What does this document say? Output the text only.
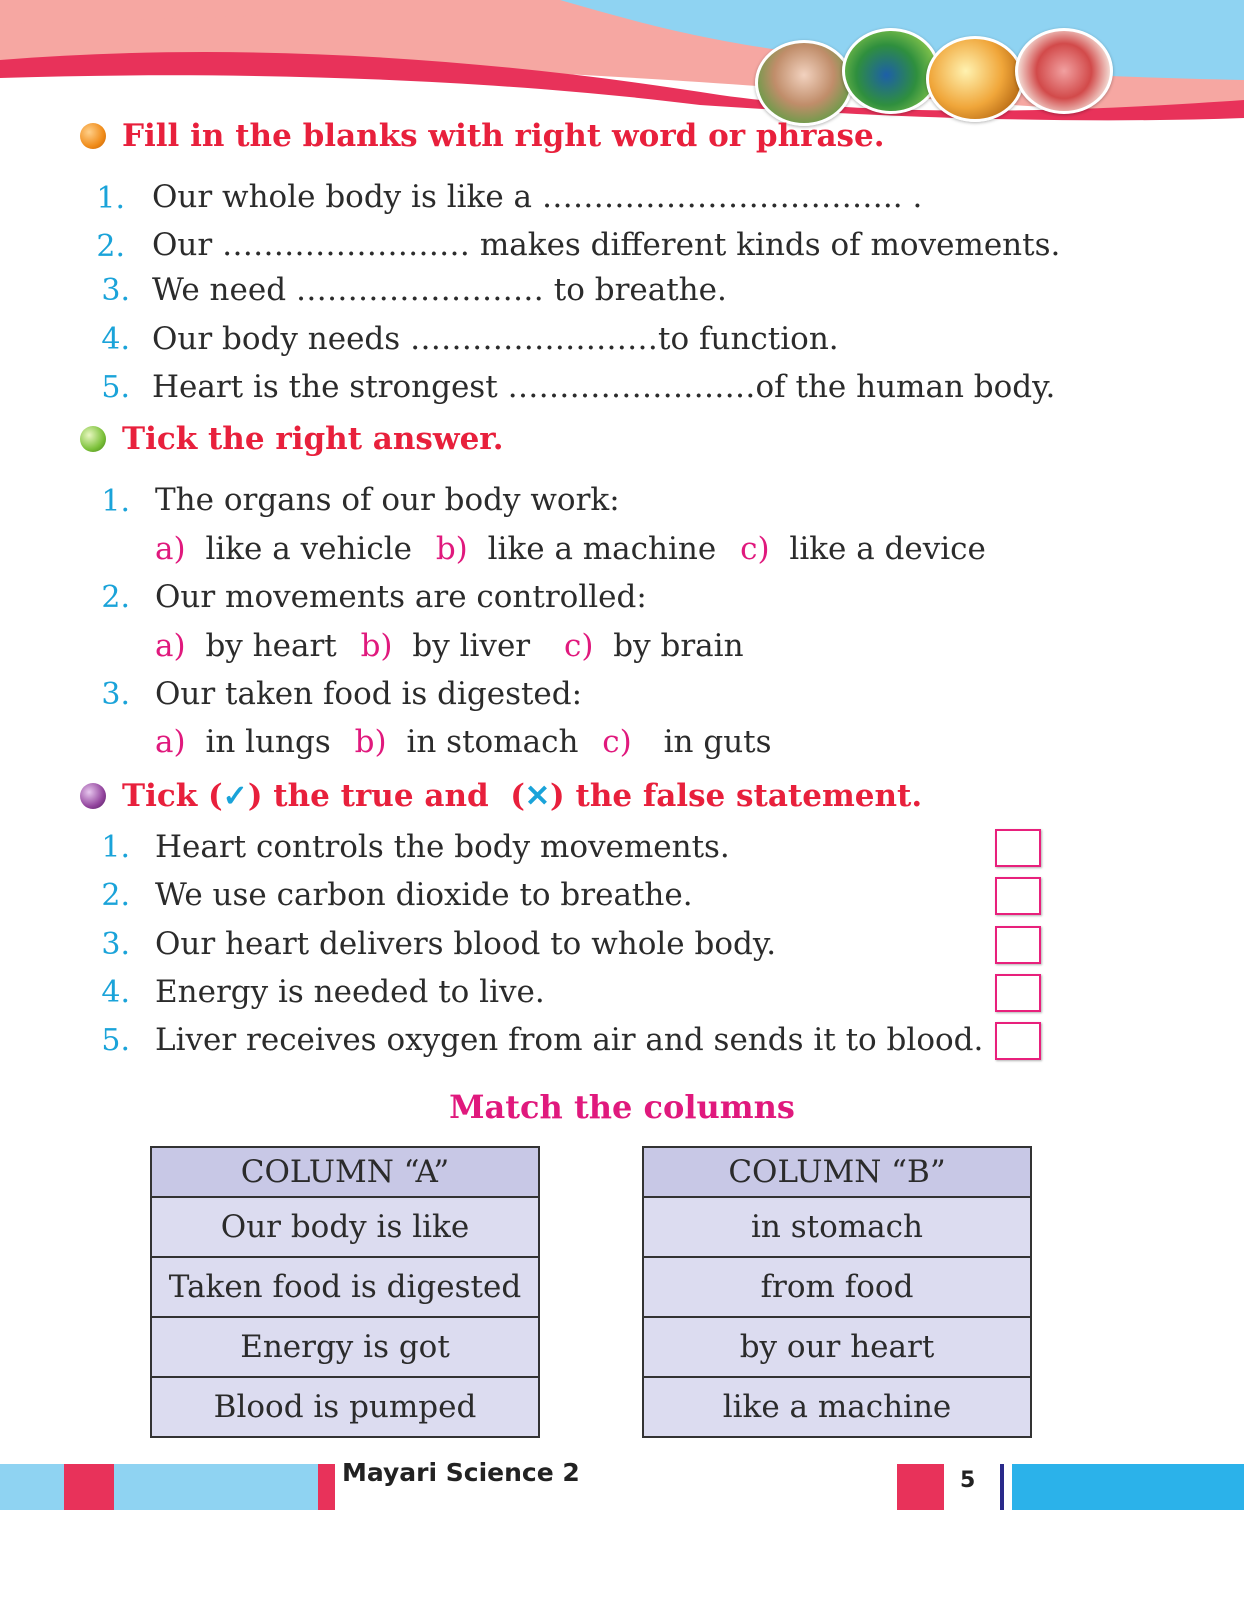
Fill in the blanks with right word or phrase.
1. Our whole body is like a …………………………….. .
2. Our …………………… makes different kinds of movements.
3. We need …………………… to breathe.
4. Our body needs ……………………to function.
5. Heart is the strongest ……………………of the human body.
Tick the right answer.
1. The organs of our body work:
a) like a vehicle b) like a machine c) like a device
2. Our movements are controlled:
a) by heart b) by liver c) by brain
3. Our taken food is digested:
a) in lungs b) in stomach c) in guts
Tick ( ✓ ) the true and  ( ✕ ) the false statement.
1. Heart controls the body movements.
2. We use carbon dioxide to breathe.
3. Our heart delivers blood to whole body.
4. Energy is needed to live.
5. Liver receives oxygen from air and sends it to blood.
Match the columns
COLUMN “A”
Our body is like
Taken food is digested
Energy is got
Blood is pumped
COLUMN “B”
in stomach
from food
by our heart
like a machine
Mayari Science 2	5
